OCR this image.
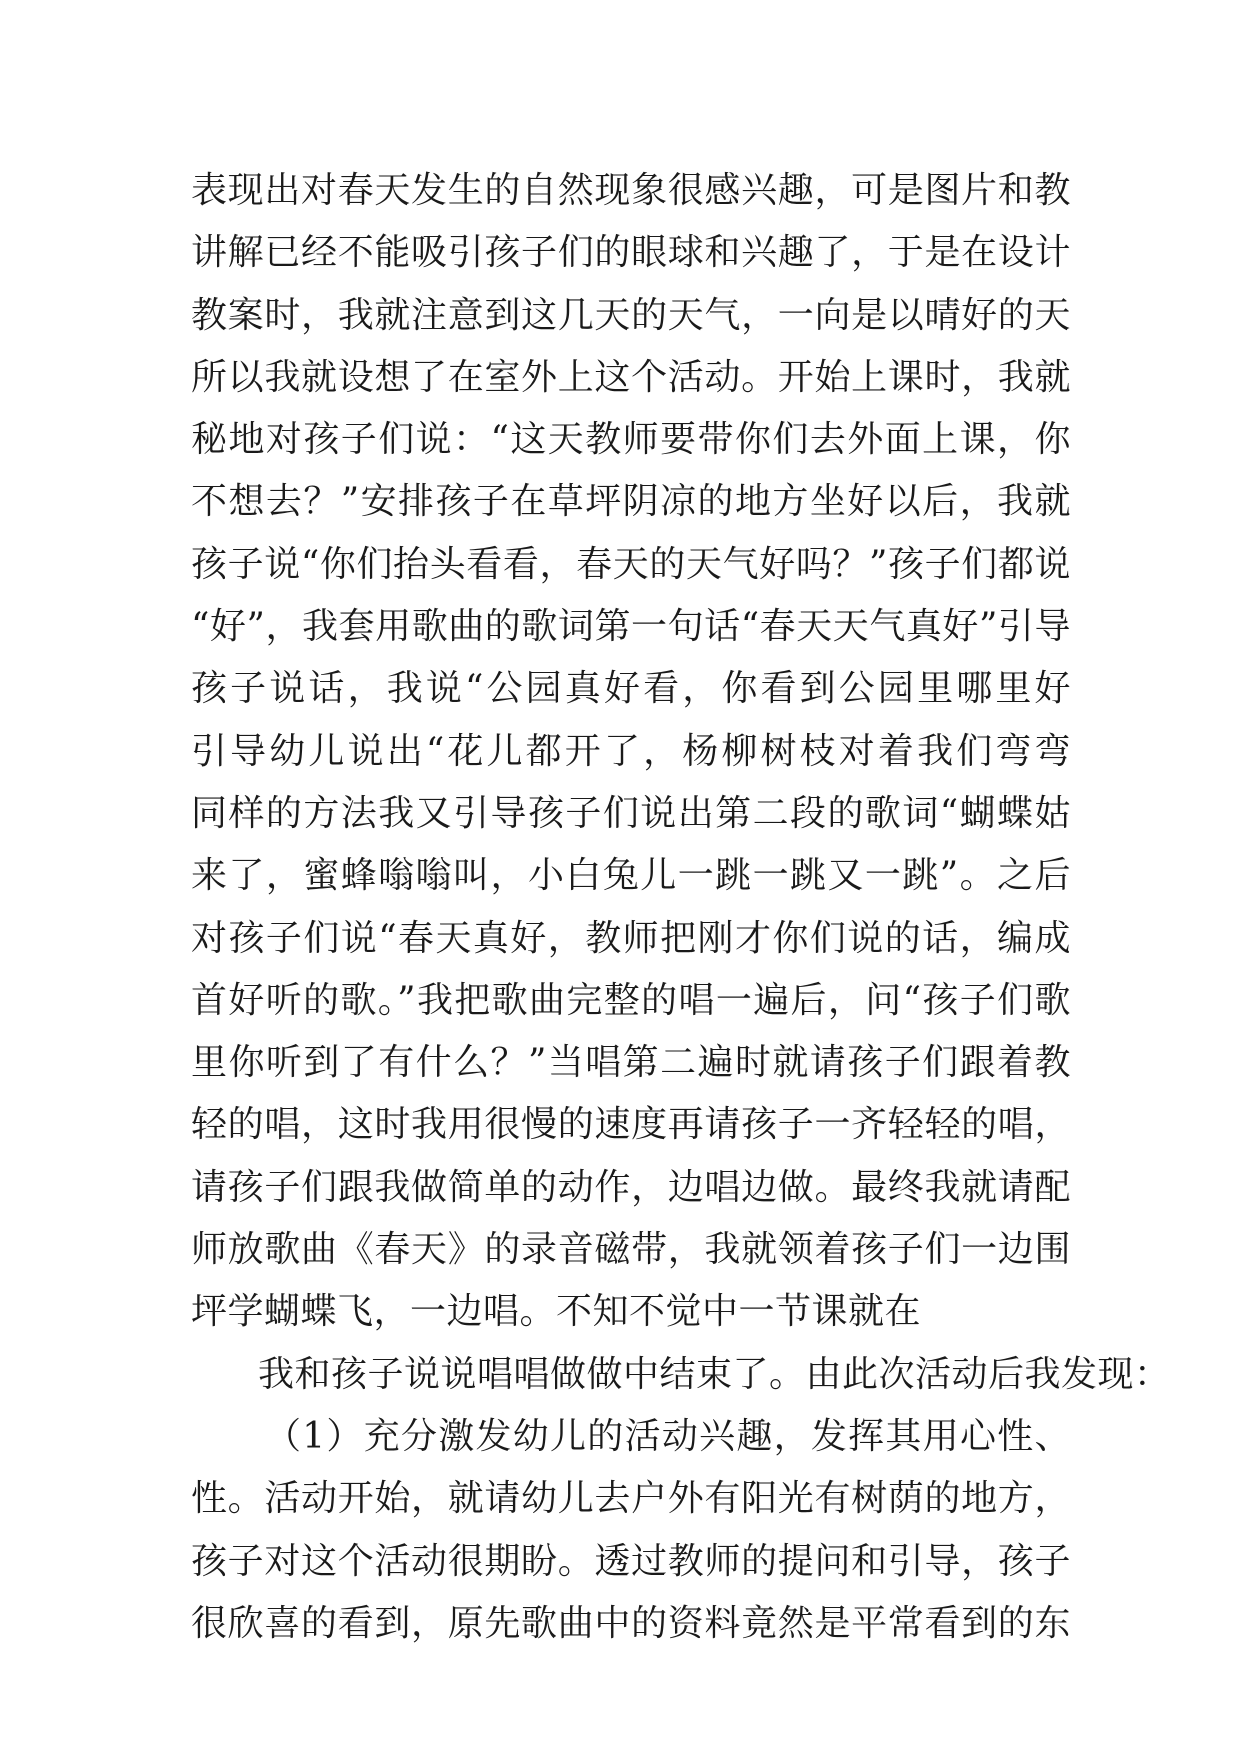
表现出对春天发生的自然现象很感兴趣，可是图片和教
讲解已经不能吸引孩子们的眼球和兴趣了，于是在设计
教案时，我就注意到这几天的天气，一向是以晴好的天
所以我就设想了在室外上这个活动。开始上课时，我就
秘地对孩子们说：“这天教师要带你们去外面上课，你
不想去？”安排孩子在草坪阴凉的地方坐好以后，我就
孩子说“你们抬头看看，春天的天气好吗？”孩子们都说
“好”，我套用歌曲的歌词第一句话“春天天气真好”引导
孩子说话，我说“公园真好看，你看到公园里哪里好
引导幼儿说出“花儿都开了，杨柳树枝对着我们弯弯
同样的方法我又引导孩子们说出第二段的歌词“蝴蝶姑
来了，蜜蜂嗡嗡叫，小白兔儿一跳一跳又一跳”。之后
对孩子们说“春天真好，教师把刚才你们说的话，编成
首好听的歌。”我把歌曲完整的唱一遍后，问“孩子们歌
里你听到了有什么？”当唱第二遍时就请孩子们跟着教
轻的唱，这时我用很慢的速度再请孩子一齐轻轻的唱，
请孩子们跟我做简单的动作，边唱边做。最终我就请配
师放歌曲《春天》的录音磁带，我就领着孩子们一边围
坪学蝴蝶飞，一边唱。不知不觉中一节课就在
我和孩子说说唱唱做做中结束了。由此次活动后我发现：
（1）充分激发幼儿的活动兴趣，发挥其用心性、
性。活动开始，就请幼儿去户外有阳光有树荫的地方，
孩子对这个活动很期盼。透过教师的提问和引导，孩子
很欣喜的看到，原先歌曲中的资料竟然是平常看到的东
